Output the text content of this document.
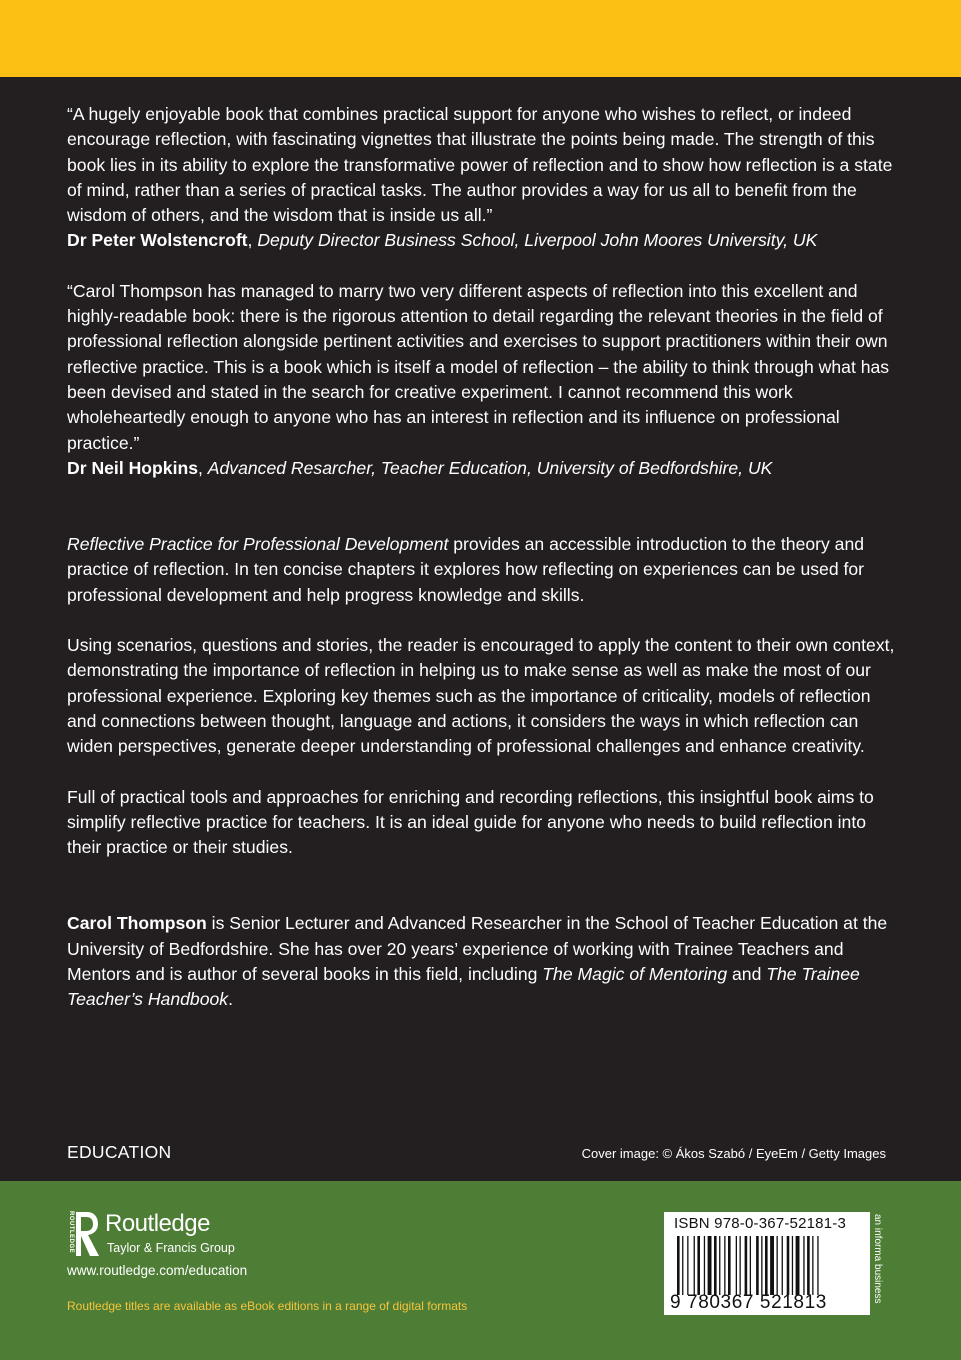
“A hugely enjoyable book that combines practical support for anyone who wishes to reflect, or indeed encourage reflection, with fascinating vignettes that illustrate the points being made. The strength of this book lies in its ability to explore the transformative power of reflection and to show how reflection is a state of mind, rather than a series of practical tasks. The author provides a way for us all to benefit from the wisdom of others, and the wisdom that is inside us all.”
Dr Peter Wolstencroft, Deputy Director Business School, Liverpool John Moores University, UK

“Carol Thompson has managed to marry two very different aspects of reflection into this excellent and highly-readable book: there is the rigorous attention to detail regarding the relevant theories in the field of professional reflection alongside pertinent activities and exercises to support practitioners within their own reflective practice. This is a book which is itself a model of reflection – the ability to think through what has been devised and stated in the search for creative experiment. I cannot recommend this work wholeheartedly enough to anyone who has an interest in reflection and its influence on professional practice.”
Dr Neil Hopkins, Advanced Resarcher, Teacher Education, University of Bedfordshire, UK

Reflective Practice for Professional Development provides an accessible introduction to the theory and practice of reflection. In ten concise chapters it explores how reflecting on experiences can be used for professional development and help progress knowledge and skills.

Using scenarios, questions and stories, the reader is encouraged to apply the content to their own context, demonstrating the importance of reflection in helping us to make sense as well as make the most of our professional experience. Exploring key themes such as the importance of criticality, models of reflection and connections between thought, language and actions, it considers the ways in which reflection can widen perspectives, generate deeper understanding of professional challenges and enhance creativity.

Full of practical tools and approaches for enriching and recording reflections, this insightful book aims to simplify reflective practice for teachers. It is an ideal guide for anyone who needs to build reflection into their practice or their studies.

Carol Thompson is Senior Lecturer and Advanced Researcher in the School of Teacher Education at the University of Bedfordshire. She has over 20 years’ experience of working with Trainee Teachers and Mentors and is author of several books in this field, including The Magic of Mentoring and The Trainee Teacher’s Handbook.

EDUCATION	Cover image: © Ákos Szabó / EyeEm / Getty Images
ROUTLEDGE Routledge
Taylor & Francis Group
www.routledge.com/education
Routledge titles are available as eBook editions in a range of digital formats
ISBN 978-0-367-52181-3
9 780367 521813	an informa business
